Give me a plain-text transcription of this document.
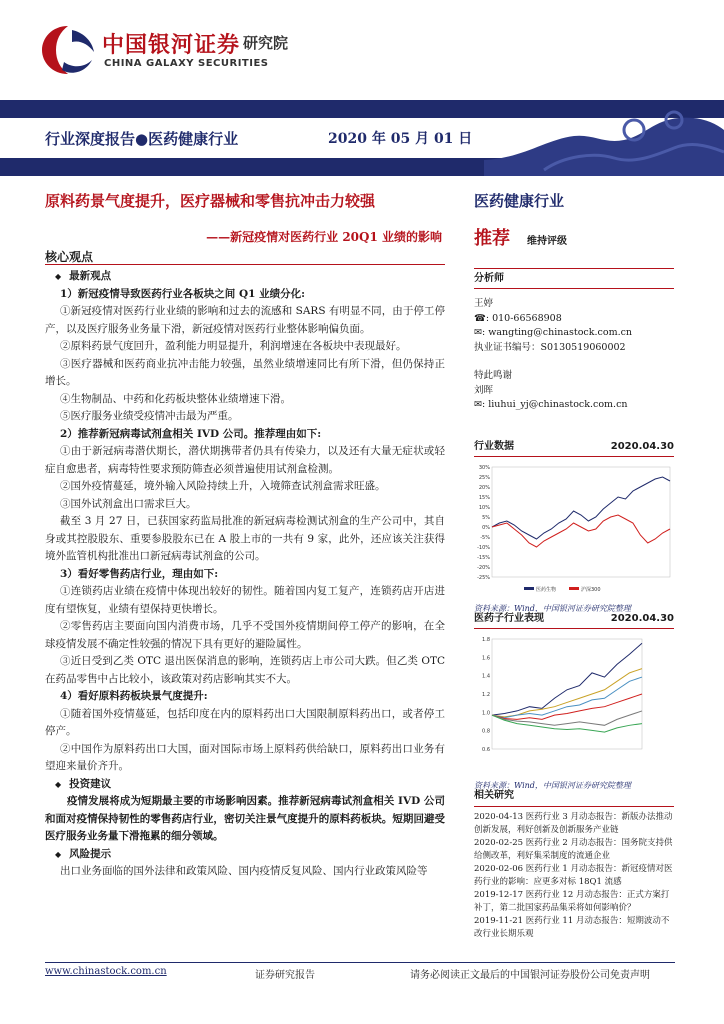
中国银河证券 研究院
CHINA GALAXY SECURITIES
行业深度报告●医药健康行业	2020 年 05 月 01 日
原料药景气度提升，医疗器械和零售抗冲击力较强
——新冠疫情对医药行业 20Q1 业绩的影响
医药健康行业
推荐 维持评级
核心观点

◆ 最新观点

1）新冠疫情导致医药行业各板块之间 Q1 业绩分化:

①新冠疫情对医药行业业绩的影响和过去的流感和 SARS 有明显不同，由于停工停产，以及医疗服务业务量下滑，新冠疫情对医药行业整体影响偏负面。

②原料药景气度回升，盈利能力明显提升，利润增速在各板块中表现最好。

③医疗器械和医药商业抗冲击能力较强，虽然业绩增速同比有所下滑，但仍保持正增长。

④生物制品、中药和化药板块整体业绩增速下滑。

⑤医疗服务业绩受疫情冲击最为严重。

2）推荐新冠病毒试剂盒相关 IVD 公司。推荐理由如下:

①由于新冠病毒潜伏期长，潜伏期携带者仍具有传染力，以及还有大量无症状或轻症自愈患者，病毒特性要求预防筛查必须普遍使用试剂盒检测。

②国外疫情蔓延，境外输入风险持续上升，入境筛查试剂盒需求旺盛。

③国外试剂盒出口需求巨大。

截至 3 月 27 日，已获国家药监局批准的新冠病毒检测试剂盒的生产公司中，其自身或其控股股东、重要参股股东已在 A 股上市的一共有 9 家，此外，还应该关注获得境外监管机构批准出口新冠病毒试剂盒的公司。

3）看好零售药店行业，理由如下:

①连锁药店业绩在疫情中体现出较好的韧性。随着国内复工复产，连锁药店开店进度有望恢复，业绩有望保持更快增长。

②零售药店主要面向国内消费市场，几乎不受国外疫情期间停工停产的影响，在全球疫情发展不确定性较强的情况下具有更好的避险属性。

③近日受到乙类 OTC 退出医保消息的影响，连锁药店上市公司大跌。但乙类 OTC 在药品零售中占比较小，该政策对药店影响其实不大。

4）看好原料药板块景气度提升:

①随着国外疫情蔓延，包括印度在内的原料药出口大国限制原料药出口，或者停工停产。

②中国作为原料药出口大国，面对国际市场上原料药供给缺口，原料药出口业务有望迎来量价齐升。

◆ 投资建议

疫情发展将成为短期最主要的市场影响因素。推荐新冠病毒试剂盒相关 IVD 公司和面对疫情保持韧性的零售药店行业，密切关注景气度提升的原料药板块。短期回避受医疗服务业务量下滑拖累的细分领域。

◆ 风险提示

出口业务面临的国外法律和政策风险、国内疫情反复风险、国内行业政策风险等

分析师
王婷
☎: 010-66568908
✉: wangting@chinastock.com.cn
执业证书编号：S0130519060002
特此鸣谢
刘晖
✉: liuhui_yj@chinastock.com.cn
行业数据	2020.04.30
30%
25%
20%
15%
10%
5%
0%
-5%
-10%
-15%
-20%
-25%
医药生物	沪深300
资料来源：Wind，中国银河证券研究院整理
医药子行业表现	2020.04.30
1.8
1.6
1.4
1.2
1.0
0.8
0.6
资料来源：Wind，中国银河证券研究院整理
相关研究
2020-04-13 医药行业 3 月动态报告：新版办法推动创新发展，利好创新及创新服务产业链
2020-02-25 医药行业 2 月动态报告：国务院支持供给侧改革，利好集采制度的流通企业
2020-02-06 医药行业 1 月动态报告：新冠疫情对医药行业的影响：应更多对标 18Q1 流感
2019-12-17 医药行业 12 月动态报告：正式方案打补丁，第二批国家药品集采将如何影响价？
2019-11-21 医药行业 11 月动态报告：短期波动不改行业长期乐观
www.chinastock.com.cn	证券研究报告	请务必阅读正文最后的中国银河证券股份公司免责声明
